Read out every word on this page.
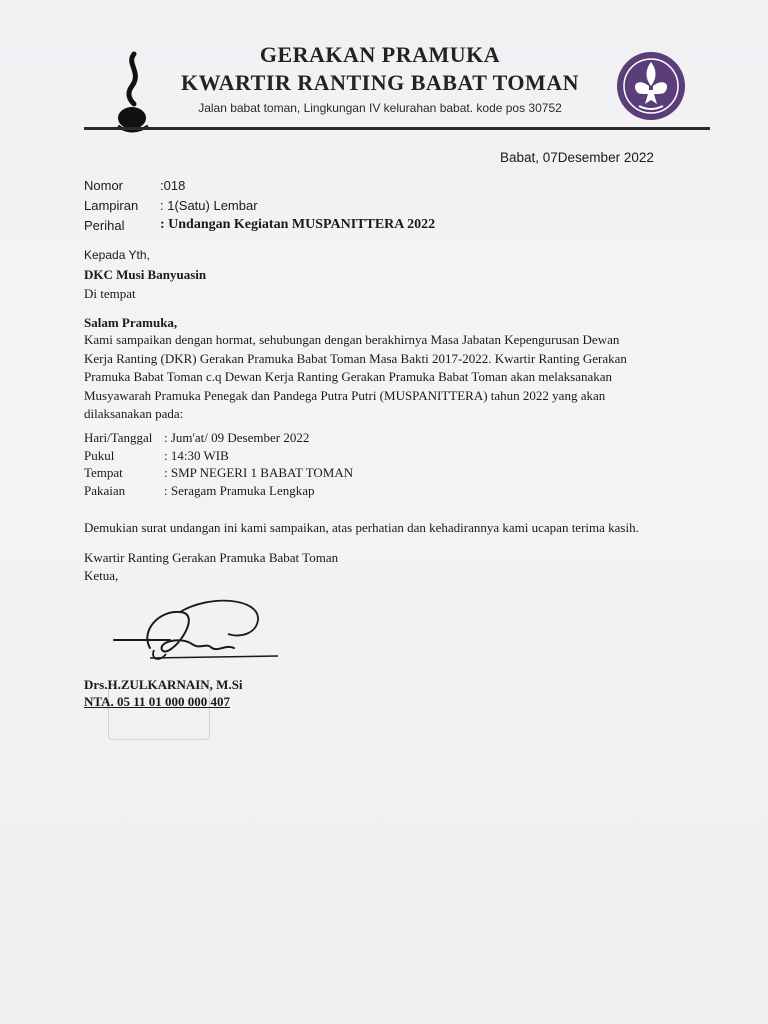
GERAKAN PRAMUKA
KWARTIR RANTING BABAT TOMAN
Jalan babat toman, Lingkungan IV kelurahan babat. kode pos 30752
Babat, 07Desember 2022
Nomor	:018
Lampiran	: 1(Satu) Lembar
Perihal	: Undangan Kegiatan MUSPANITTERA 2022
Kepada Yth,
DKC Musi Banyuasin
Di tempat
Salam Pramuka,
Kami sampaikan dengan hormat, sehubungan dengan berakhirnya Masa Jabatan Kepengurusan Dewan
Kerja Ranting (DKR) Gerakan Pramuka Babat Toman Masa Bakti 2017-2022. Kwartir Ranting Gerakan
Pramuka Babat Toman c.q Dewan Kerja Ranting Gerakan Pramuka Babat Toman akan melaksanakan
Musyawarah Pramuka Penegak dan Pandega Putra Putri (MUSPANITTERA) tahun 2022 yang akan
dilaksanakan pada:
Hari/Tanggal : Jum'at/ 09 Desember 2022
Pukul	: 14:30 WIB
Tempat	: SMP NEGERI 1 BABAT TOMAN
Pakaian	: Seragam Pramuka Lengkap
Demukian surat undangan ini kami sampaikan, atas perhatian dan kehadirannya kami ucapan terima kasih.
Kwartir Ranting Gerakan Pramuka Babat Toman
Ketua,
Drs.H.ZULKARNAIN, M.Si
NTA. 05 11 01 000 000 407
